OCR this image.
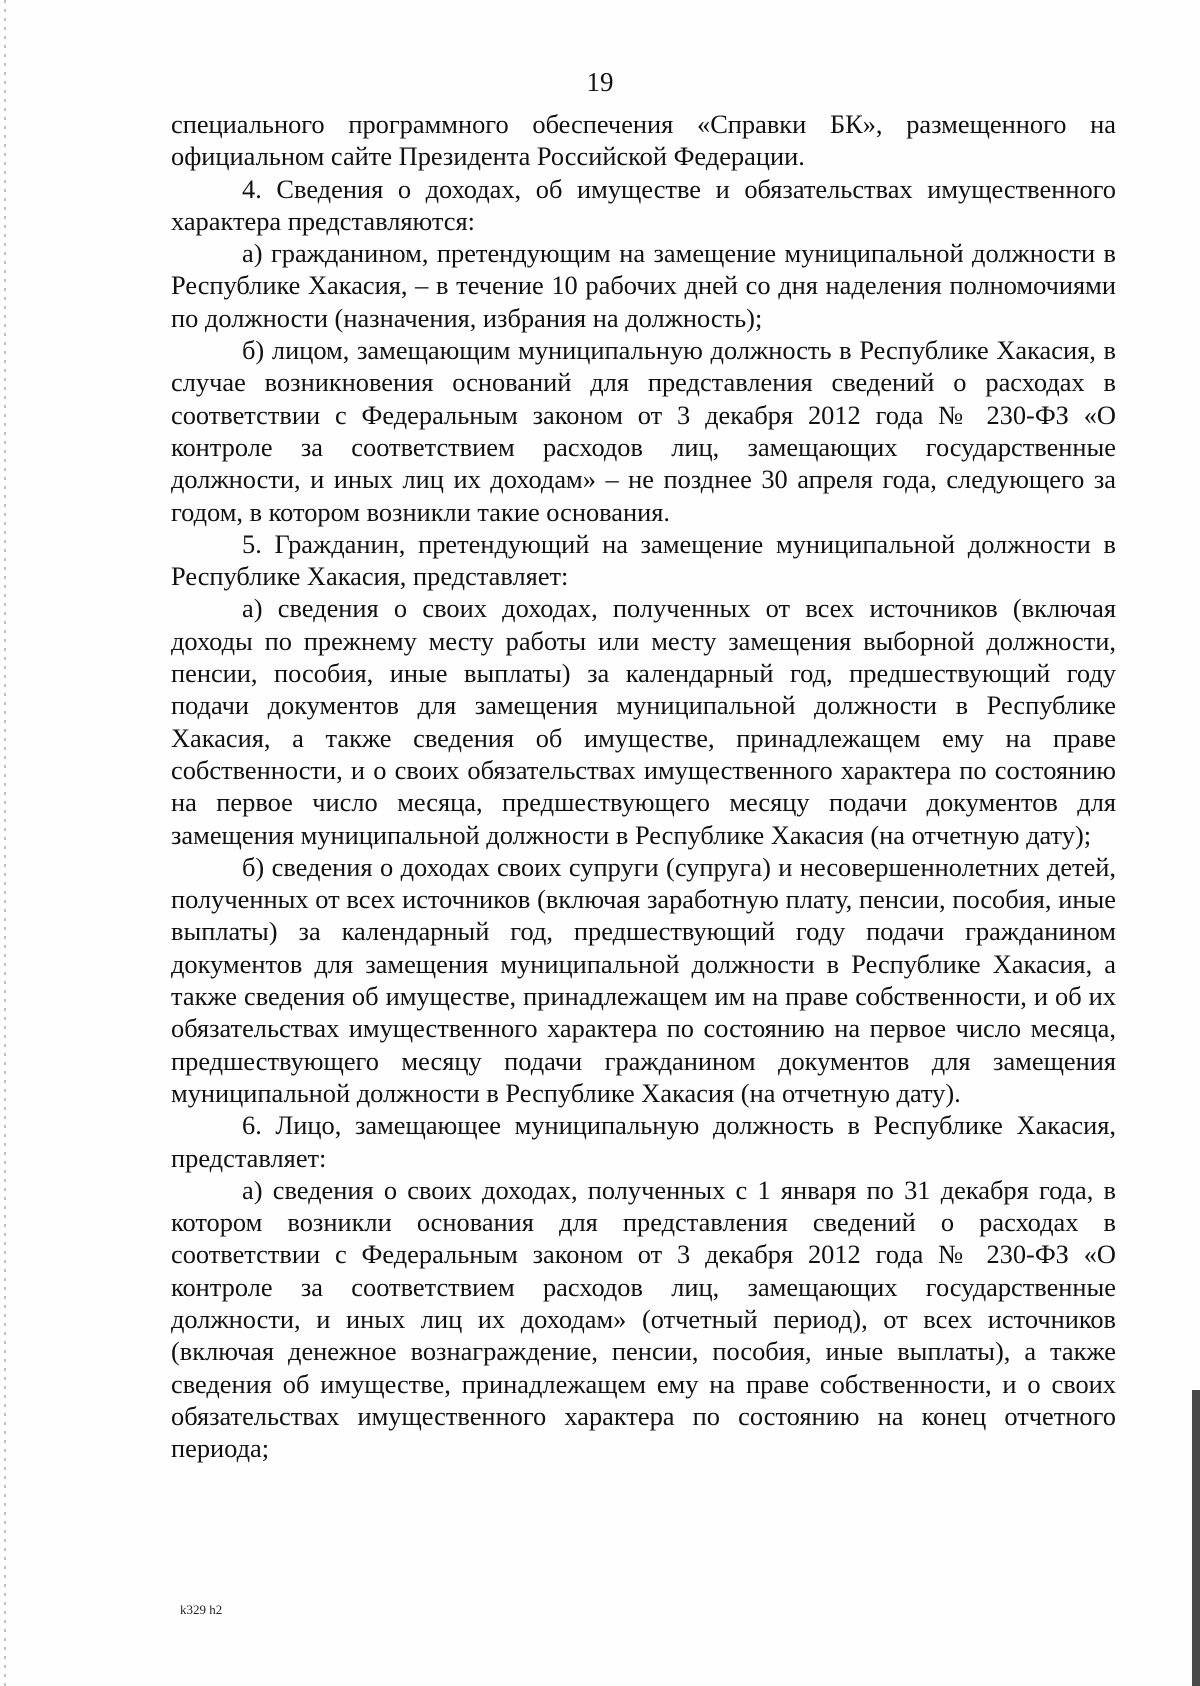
19

специального программного обеспечения «Справки БК», размещенного на официальном сайте Президента Российской Федерации.

4. Сведения о доходах, об имуществе и обязательствах имущественного характера представляются:

а) гражданином, претендующим на замещение муниципальной должности в Республике Хакасия, – в течение 10 рабочих дней со дня наделения полномочиями по должности (назначения, избрания на должность);

б) лицом, замещающим муниципальную должность в Республике Хакасия, в случае возникновения оснований для представления сведений о расходах в соответствии с Федеральным законом от 3 декабря 2012 года № 230-ФЗ «О контроле за соответствием расходов лиц, замещающих государственные должности, и иных лиц их доходам» – не позднее 30 апреля года, следующего за годом, в котором возникли такие основания.

5. Гражданин, претендующий на замещение муниципальной должности в Республике Хакасия, представляет:

а) сведения о своих доходах, полученных от всех источников (включая доходы по прежнему месту работы или месту замещения выборной должности, пенсии, пособия, иные выплаты) за календарный год, предшествующий году подачи документов для замещения муниципальной должности в Республике Хакасия, а также сведения об имуществе, принадлежащем ему на праве собственности, и о своих обязательствах имущественного характера по состоянию на первое число месяца, предшествующего месяцу подачи документов для замещения муниципальной должности в Республике Хакасия (на отчетную дату);

б) сведения о доходах своих супруги (супруга) и несовершеннолетних детей, полученных от всех источников (включая заработную плату, пенсии, пособия, иные выплаты) за календарный год, предшествующий году подачи гражданином документов для замещения муниципальной должности в Республике Хакасия, а также сведения об имуществе, принадлежащем им на праве собственности, и об их обязательствах имущественного характера по состоянию на первое число месяца, предшествующего месяцу подачи гражданином документов для замещения муниципальной должности в Республике Хакасия (на отчетную дату).

6. Лицо, замещающее муниципальную должность в Республике Хакасия, представляет:

а) сведения о своих доходах, полученных с 1 января по 31 декабря года, в котором возникли основания для представления сведений о расходах в соответствии с Федеральным законом от 3 декабря 2012 года № 230-ФЗ «О контроле за соответствием расходов лиц, замещающих государственные должности, и иных лиц их доходам» (отчетный период), от всех источников (включая денежное вознаграждение, пенсии, пособия, иные выплаты), а также сведения об имуществе, принадлежащем ему на праве собственности, и о своих обязательствах имущественного характера по состоянию на конец отчетного периода;

k329 h2
